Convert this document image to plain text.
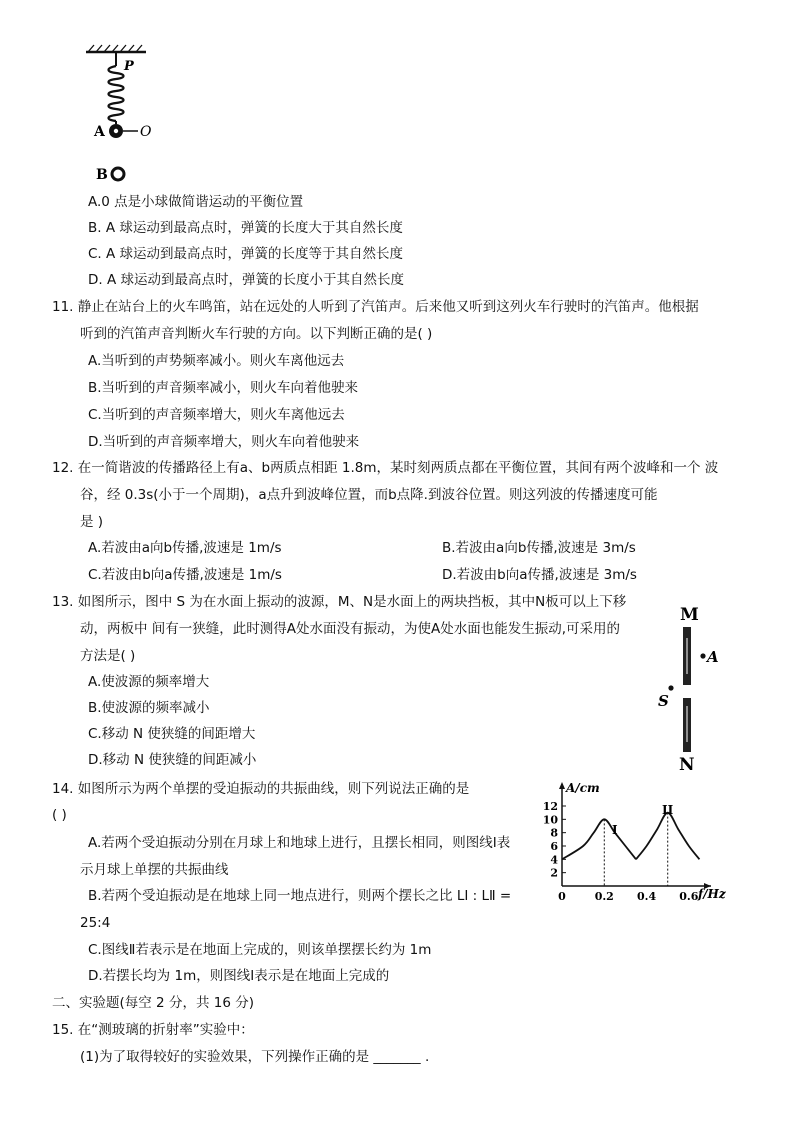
P
A	O
B
A.0 点是小球做简谐运动的平衡位置
B. A 球运动到最高点时，弹簧的长度大于其自然长度
C. A 球运动到最高点时，弹簧的长度等于其自然长度
D. A 球运动到最高点时，弹簧的长度小于其自然长度
11. 静止在站台上的火车鸣笛，站在远处的人听到了汽笛声。后来他又听到这列火车行驶时的汽笛声。他根据
听到的汽笛声音判断火车行驶的方向。以下判断正确的是( )
A.当听到的声势频率减小。则火车离他远去
B.当听到的声音频率减小，则火车向着他驶来
C.当听到的声音频率增大，则火车离他远去
D.当听到的声音频率增大，则火车向着他驶来
12. 在一简谐波的传播路径上有a、b两质点相距 1.8m，某时刻两质点都在平衡位置，其间有两个波峰和一个 波
谷，经 0.3s(小于一个周期)，a点升到波峰位置，而b点降.到波谷位置。则这列波的传播速度可能
是 )
A.若波由a向b传播,波速是 1m/s	B.若波由a向b传播,波速是 3m/s
C.若波由b向a传播,波速是 1m/s	D.若波由b向a传播,波速是 3m/s
13. 如图所示，图中 S 为在水面上振动的波源，M、N是水面上的两块挡板，其中N板可以上下移
动，两板中 间有一狭缝，此时测得A处水面没有振动，为使A处水面也能发生振动,可采用的
方法是( )
A.使波源的频率增大
B.使波源的频率减小
C.移动 N 使狭缝的间距增大
D.移动 N 使狭缝的间距减小
M
A
S
N
14. 如图所示为两个单摆的受迫振动的共振曲线，则下列说法正确的是
( )
A.若两个受迫振动分别在月球上和地球上进行，且摆长相同，则图线Ⅰ表
示月球上单摆的共振曲线
B.若两个受迫振动是在地球上同一地点进行，则两个摆长之比 LⅠ : LⅡ =
25:4
C.图线Ⅱ若表示是在地面上完成的，则该单摆摆长约为 1m
D.若摆长均为 1m，则图线Ⅰ表示是在地面上完成的
12
10
8
6
4
2
0	0.2 0.4 0.6
A/cm
f/Hz
I
II
二、实验题(每空 2 分，共 16 分)
15. 在“测玻璃的折射率”实验中：
(1)为了取得较好的实验效果，下列操作正确的是 _______ .
